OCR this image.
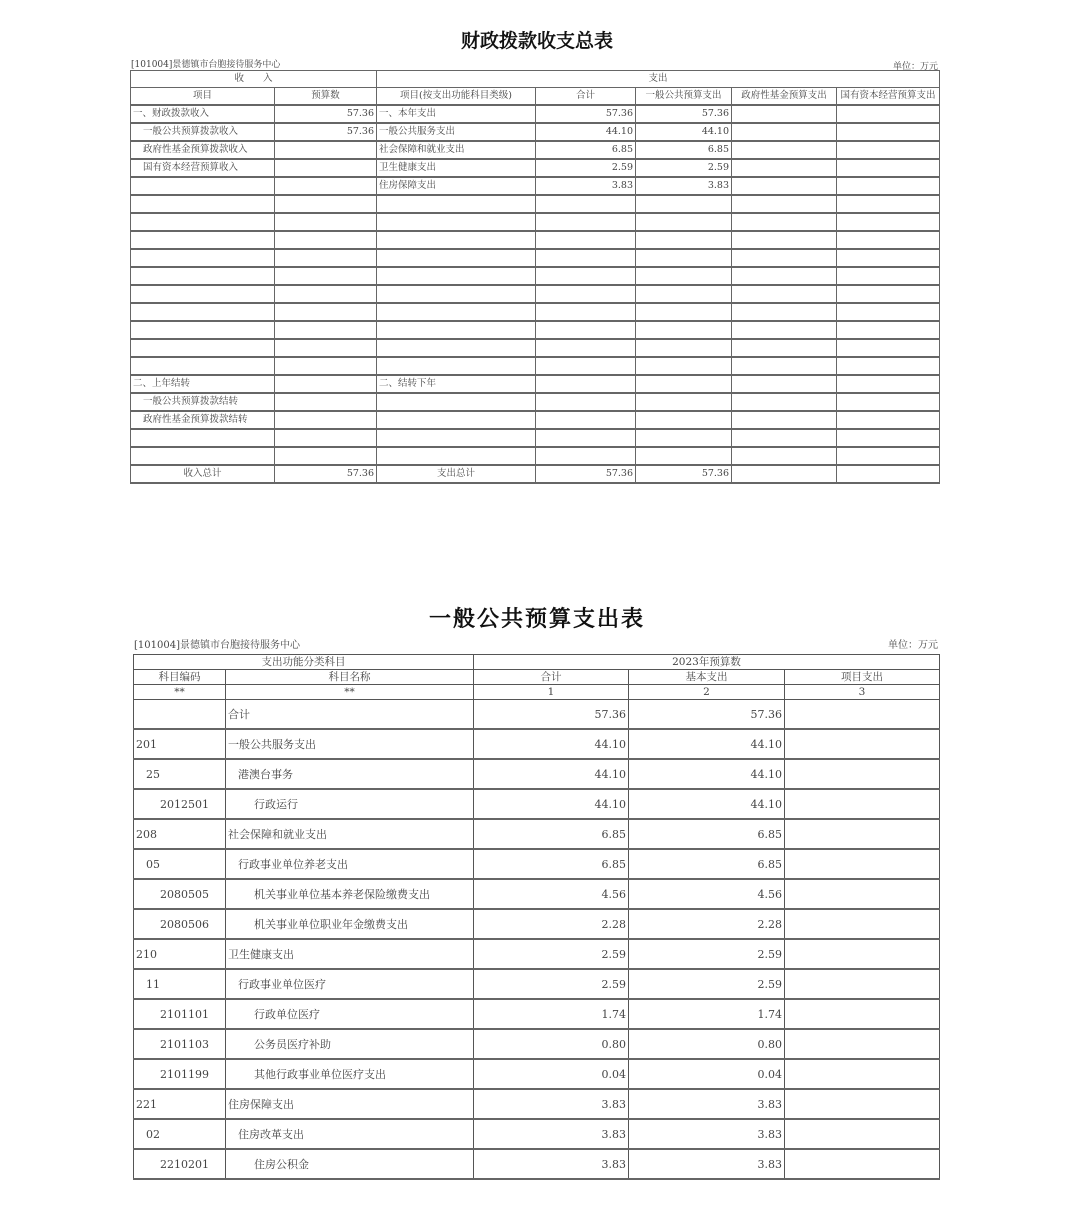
财政拨款收支总表
[101004]景德镇市台胞接待服务中心	单位：万元
收　　入		支出				
项目	预算数	项目(按支出功能科目类级)	合计	一般公共预算支出	政府性基金预算支出	国有资本经营预算支出
一、财政拨款收入	57.36	一、本年支出	57.36	57.36		
一般公共预算拨款收入	57.36	一般公共服务支出	44.10	44.10		
政府性基金预算拨款收入		社会保障和就业支出	6.85	6.85		
国有资本经营预算收入		卫生健康支出	2.59	2.59		
		住房保障支出	3.83	3.83		

二、上年结转		二、结转下年				
一般公共预算拨款结转						
政府性基金预算拨款结转						

收入总计	57.36	支出总计	57.36	57.36		
一般公共预算支出表
[101004]景德镇市台胞接待服务中心	单位：万元
支出功能分类科目		2023年预算数		
科目编码	科目名称	合计	基本支出	项目支出
**	**	1	2	3
	合计	57.36	57.36	
201	一般公共服务支出	44.10	44.10	
25	港澳台事务	44.10	44.10	
2012501	行政运行	44.10	44.10	
208	社会保障和就业支出	6.85	6.85	
05	行政事业单位养老支出	6.85	6.85	
2080505	机关事业单位基本养老保险缴费支出	4.56	4.56	
2080506	机关事业单位职业年金缴费支出	2.28	2.28	
210	卫生健康支出	2.59	2.59	
11	行政事业单位医疗	2.59	2.59	
2101101	行政单位医疗	1.74	1.74	
2101103	公务员医疗补助	0.80	0.80	
2101199	其他行政事业单位医疗支出	0.04	0.04	
221	住房保障支出	3.83	3.83	
02	住房改革支出	3.83	3.83	
2210201	住房公积金	3.83	3.83	
